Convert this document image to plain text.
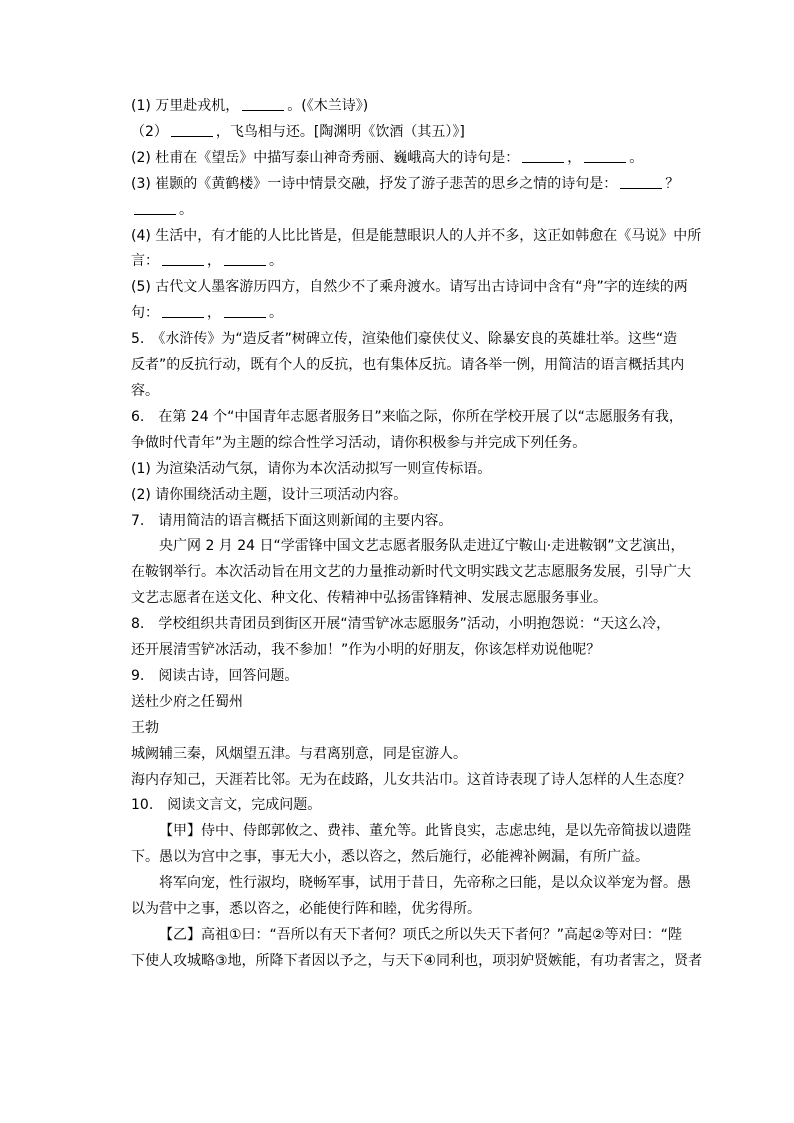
(1) 万里赴戎机，	。(《木兰诗》)
（2）	，飞鸟相与还。[陶渊明《饮酒（其五）》]
(2) 杜甫在《望岳》中描写泰山神奇秀丽、巍峨高大的诗句是：	，	。
(3) 崔颢的《黄鹤楼》一诗中情景交融，抒发了游子悲苦的思乡之情的诗句是：	？
。
(4) 生活中，有才能的人比比皆是，但是能慧眼识人的人并不多，这正如韩愈在《马说》中所
言：	，	。
(5) 古代文人墨客游历四方，自然少不了乘舟渡水。请写出古诗词中含有“舟”字的连续的两
句：	，	。
5.　《水浒传》为“造反者”树碑立传，渲染他们豪侠仗义、除暴安良的英雄壮举。这些“造
反者”的反抗行动，既有个人的反抗，也有集体反抗。请各举一例，用简洁的语言概括其内
容。
6.　在第 24 个“中国青年志愿者服务日”来临之际，你所在学校开展了以“志愿服务有我，
争做时代青年”为主题的综合性学习活动，请你积极参与并完成下列任务。
(1) 为渲染活动气氛，请你为本次活动拟写一则宣传标语。
(2) 请你围绕活动主题，设计三项活动内容。
7.　请用简洁的语言概括下面这则新闻的主要内容。
央广网 2 月 24 日“学雷锋中国文艺志愿者服务队走进辽宁鞍山·走进鞍钢”文艺演出，
在鞍钢举行。本次活动旨在用文艺的力量推动新时代文明实践文艺志愿服务发展，引导广大
文艺志愿者在送文化、种文化、传精神中弘扬雷锋精神、发展志愿服务事业。
8.　学校组织共青团员到街区开展“清雪铲冰志愿服务”活动，小明抱怨说：“天这么冷，
还开展清雪铲冰活动，我不参加！”作为小明的好朋友，你该怎样劝说他呢？
9.　阅读古诗，回答问题。
送杜少府之任蜀州
王勃
城阙辅三秦，风烟望五津。与君离别意，同是宦游人。
海内存知己，天涯若比邻。无为在歧路，儿女共沾巾。这首诗表现了诗人怎样的人生态度？
10.　阅读文言文，完成问题。
【甲】侍中、侍郎郭攸之、费祎、董允等。此皆良实，志虑忠纯，是以先帝简拔以遗陛
下。愚以为宫中之事，事无大小，悉以咨之，然后施行，必能裨补阙漏，有所广益。
将军向宠，性行淑均，晓畅军事，试用于昔日，先帝称之曰能，是以众议举宠为督。愚
以为营中之事，悉以咨之，必能使行阵和睦，优劣得所。
【乙】高祖①曰：“吾所以有天下者何？项氏之所以失天下者何？”高起②等对曰：“陛
下使人攻城略③地，所降下者因以予之，与天下④同利也，项羽妒贤嫉能，有功者害之，贤者
